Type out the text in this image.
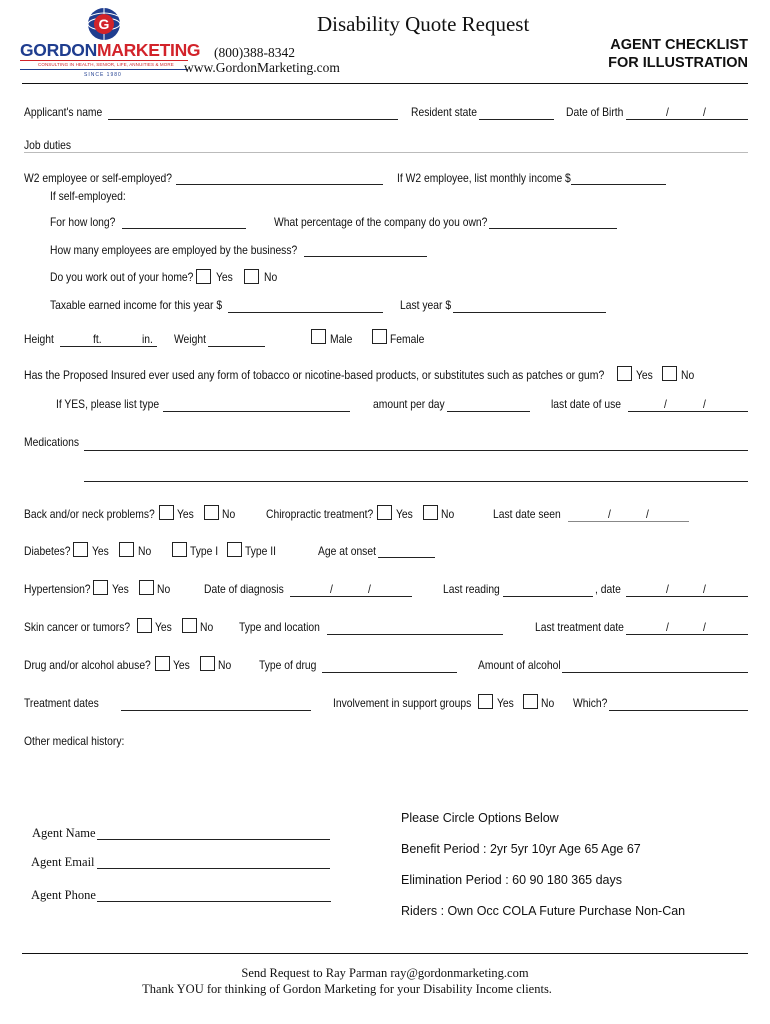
G
GORDONMARKETING
CONSULTING IN HEALTH, SENIOR, LIFE, ANNUITIES & MORE
SINCE 1980
Disability Quote Request
(800)388-8342
www.GordonMarketing.com
AGENT CHECKLIST
FOR ILLUSTRATION
Applicant's name	Resident state	Date of Birth	/	/
Job duties
W2 employee or self-employed?	If W2 employee, list monthly income $
If self-employed:
For how long?	What percentage of the company do you own?
How many employees are employed by the business?
Do you work out of your home? Yes	No
Taxable earned income for this year $	Last year $
Height	ft.	in. Weight	Male	Female
Has the Proposed Insured ever used any form of tobacco or nicotine-based products, or substitutes such as patches or gum?	Yes No
If YES, please list type	amount per day	last date of use	/	/
Medications
Back and/or neck problems? Yes No	Chiropractic treatment? Yes No	Last date seen	/	/
Diabetes? Yes No	Type I Type II	Age at onset
Hypertension? Yes No	Date of diagnosis	/	/	Last reading	, date	/	/
Skin cancer or tumors? Yes No Type and location	Last treatment date	/	/
Drug and/or alcohol abuse? Yes No Type of drug	Amount of alcohol
Treatment dates	Involvement in support groups Yes No Which?
Other medical history:
Agent Name
Agent Email
Agent Phone
Please Circle Options Below
Benefit Period : 2yr 5yr 10yr Age 65 Age 67
Elimination Period : 60 90 180 365 days
Riders : Own Occ COLA Future Purchase Non-Can
Send Request to Ray Parman ray@gordonmarketing.com
Thank YOU for thinking of Gordon Marketing for your Disability Income clients.
